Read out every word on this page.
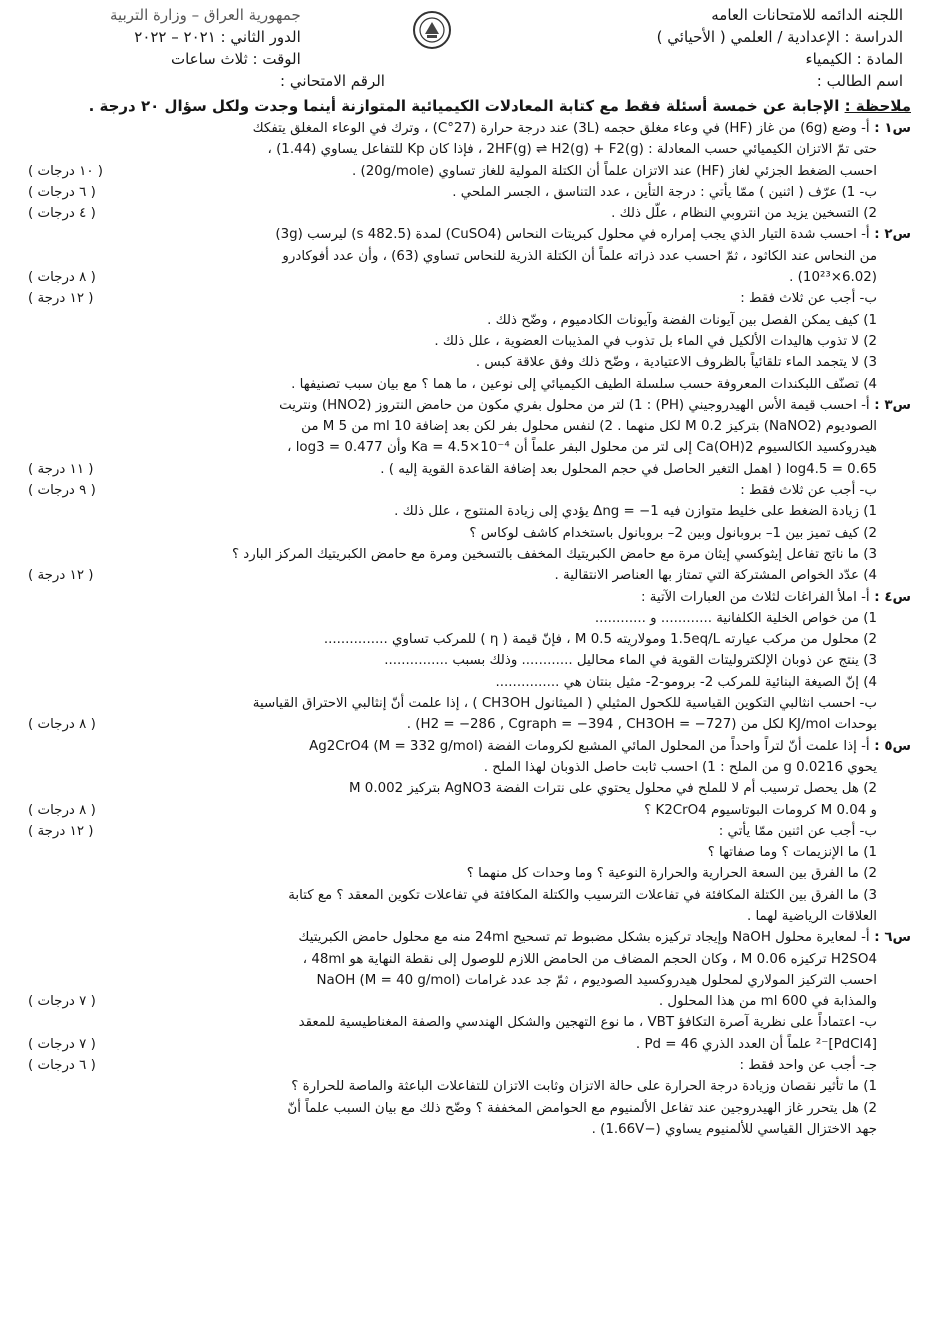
اللجنه الدائمه للامتحانات العامه
الدراسة : الإعدادية / العلمي ( الأحيائي )
المادة : الكيمياء
اسم الطالب :
جمهورية العراق – وزارة التربية
الدور الثاني : ٢٠٢١ – ٢٠٢٢
الوقت : ثلاث ساعات
الرقم الامتحاني :
ملاحظة : الإجابة عن خمسة أسئلة فقط مع كتابة المعادلات الكيميائية المتوازنة أينما وجدت ولكل سؤال ٢٠ درجة .
س١ : أ- وضع (6g) من غاز (HF) في وعاء مغلق حجمه (3L) عند درجة حرارة (27°C) ، وترك في الوعاء المغلق يتفكك
حتى تمّ الاتزان الكيميائي حسب المعادلة : 2HF(g) ⇌ H2(g) + F2(g) ، فإذا كان Kp للتفاعل يساوي (1.44) ،
احسب الضغط الجزئي لغاز (HF) عند الاتزان علماً أن الكتلة المولية للغاز تساوي (20g/mole) .
( ١٠ درجات )
ب- 1) عرّف ( اثنين ) ممّا يأتي : درجة التأين ، عدد التناسق ، الجسر الملحي .
( ٦ درجات )
2) التسخين يزيد من انتروبي النظام ، علّل ذلك .
( ٤ درجات )
س٢ : أ- احسب شدة التيار الذي يجب إمراره في محلول كبريتات النحاس (CuSO4) لمدة (482.5 s) ليرسب (3g)
من النحاس عند الكاثود ، ثمّ احسب عدد ذراته علماً أن الكتلة الذرية للنحاس تساوي (63) ، وأن عدد أفوكادرو
(6.02×10²³) .
( ٨ درجات )
ب- أجب عن ثلاث فقط :
( ١٢ درجة )
1) كيف يمكن الفصل بين آيونات الفضة وآيونات الكادميوم ، وضّح ذلك .
2) لا تذوب هاليدات الألكيل في الماء بل تذوب في المذيبات العضوية ، علل ذلك .
3) لا يتجمد الماء تلقائياً بالظروف الاعتيادية ، وضّح ذلك وفق علاقة كبس .
4) تصنّف اللبكندات المعروفة حسب سلسلة الطيف الكيميائي إلى نوعين ، ما هما ؟ مع بيان سبب تصنيفها .
س٣ : أ- احسب قيمة الأس الهيدروجيني (PH) : 1) لتر من محلول بفري مكون من حامض النتروز (HNO2) ونتريت
الصوديوم (NaNO2) بتركيز 0.2 M لكل منهما . 2) لنفس محلول بفر لكن بعد إضافة 10 ml من 5 M من
هيدروكسيد الكالسيوم Ca(OH)2 إلى لتر من محلول البفر علماً أن Ka = 4.5×10⁻⁴ وأن log3 = 0.477 ،
log4.5 = 0.65 ( اهمل التغير الحاصل في حجم المحلول بعد إضافة القاعدة القوية إليه ) .
( ١١ درجة )
ب- أجب عن ثلاث فقط :
( ٩ درجات )
1) زيادة الضغط على خليط متوازن فيه Δng = −1 يؤدي إلى زيادة المنتوج ، علل ذلك .
2) كيف تميز بين 1– بروبانول وبين 2– بروبانول باستخدام كاشف لوكاس ؟
3) ما ناتج تفاعل إيثوكسي إيثان مرة مع حامض الكبريتيك المخفف بالتسخين ومرة مع حامض الكبريتيك المركز البارد ؟
4) عدّد الخواص المشتركة التي تمتاز بها العناصر الانتقالية .
( ١٢ درجة )
س٤ : أ- املأ الفراغات لثلاث من العبارات الآتية :
1) من خواص الخلية الكلفانية ............ و ............
2) محلول من مركب عيارته 1.5eq/L ومولاريته 0.5 M ، فإنّ قيمة ( η ) للمركب تساوي ...............
3) ينتج عن ذوبان الإلكتروليتات القوية في الماء محاليل ............ وذلك بسبب ...............
4) إنّ الصيغة البنائية للمركب 2- برومو-2- مثيل بنتان هي ...............
ب- احسب انثالبي التكوين القياسية للكحول المثيلي ( الميثانول CH3OH ) ، إذا علمت أنّ إنثالبي الاحتراق القياسية
بوحدات KJ/mol لكل من (H2 = −286 , Cgraph = −394 , CH3OH = −727) .
( ٨ درجات )
س٥ : أ- إذا علمت أنّ لتراً واحداً من المحلول المائي المشبع لكرومات الفضة Ag2CrO4 (M = 332 g/mol)
يحوي 0.0216 g من الملح : 1) احسب ثابت حاصل الذوبان لهذا الملح .
2) هل يحصل ترسيب أم لا للملح في محلول يحتوي على نترات الفضة AgNO3 بتركيز 0.002 M
و 0.04 M كرومات البوتاسيوم K2CrO4 ؟
( ٨ درجات )
ب- أجب عن اثنين ممّا يأتي :
( ١٢ درجة )
1) ما الإنزيمات ؟ وما صفاتها ؟
2) ما الفرق بين السعة الحرارية والحرارة النوعية ؟ وما وحدات كل منهما ؟
3) ما الفرق بين الكتلة المكافئة في تفاعلات الترسيب والكتلة المكافئة في تفاعلات تكوين المعقد ؟ مع كتابة
العلاقات الرياضية لهما .
س٦ : أ- لمعايرة محلول NaOH وإيجاد تركيزه بشكل مضبوط تم تسحيح 24ml منه مع محلول حامض الكبريتيك
H2SO4 تركيزه 0.06 M ، وكان الحجم المضاف من الحامض اللازم للوصول إلى نقطة النهاية هو 48ml ،
احسب التركيز المولاري لمحلول هيدروكسيد الصوديوم ، ثمّ جد عدد غرامات NaOH (M = 40 g/mol)
والمذابة في 600 ml من هذا المحلول .
( ٧ درجات )
ب- اعتماداً على نظرية آصرة التكافؤ VBT ، ما نوع التهجين والشكل الهندسي والصفة المغناطيسية للمعقد
[PdCl4]⁻² علماً أن العدد الذري Pd = 46 .
( ٧ درجات )
جـ- أجب عن واحد فقط :
( ٦ درجات )
1) ما تأثير نقصان وزيادة درجة الحرارة على حالة الاتزان وثابت الاتزان للتفاعلات الباعثة والماصة للحرارة ؟
2) هل يتحرر غاز الهيدروجين عند تفاعل الألمنيوم مع الحوامض المخففة ؟ وضّح ذلك مع بيان السبب علماً أنّ
جهد الاختزال القياسي للألمنيوم يساوي (−1.66V) .
